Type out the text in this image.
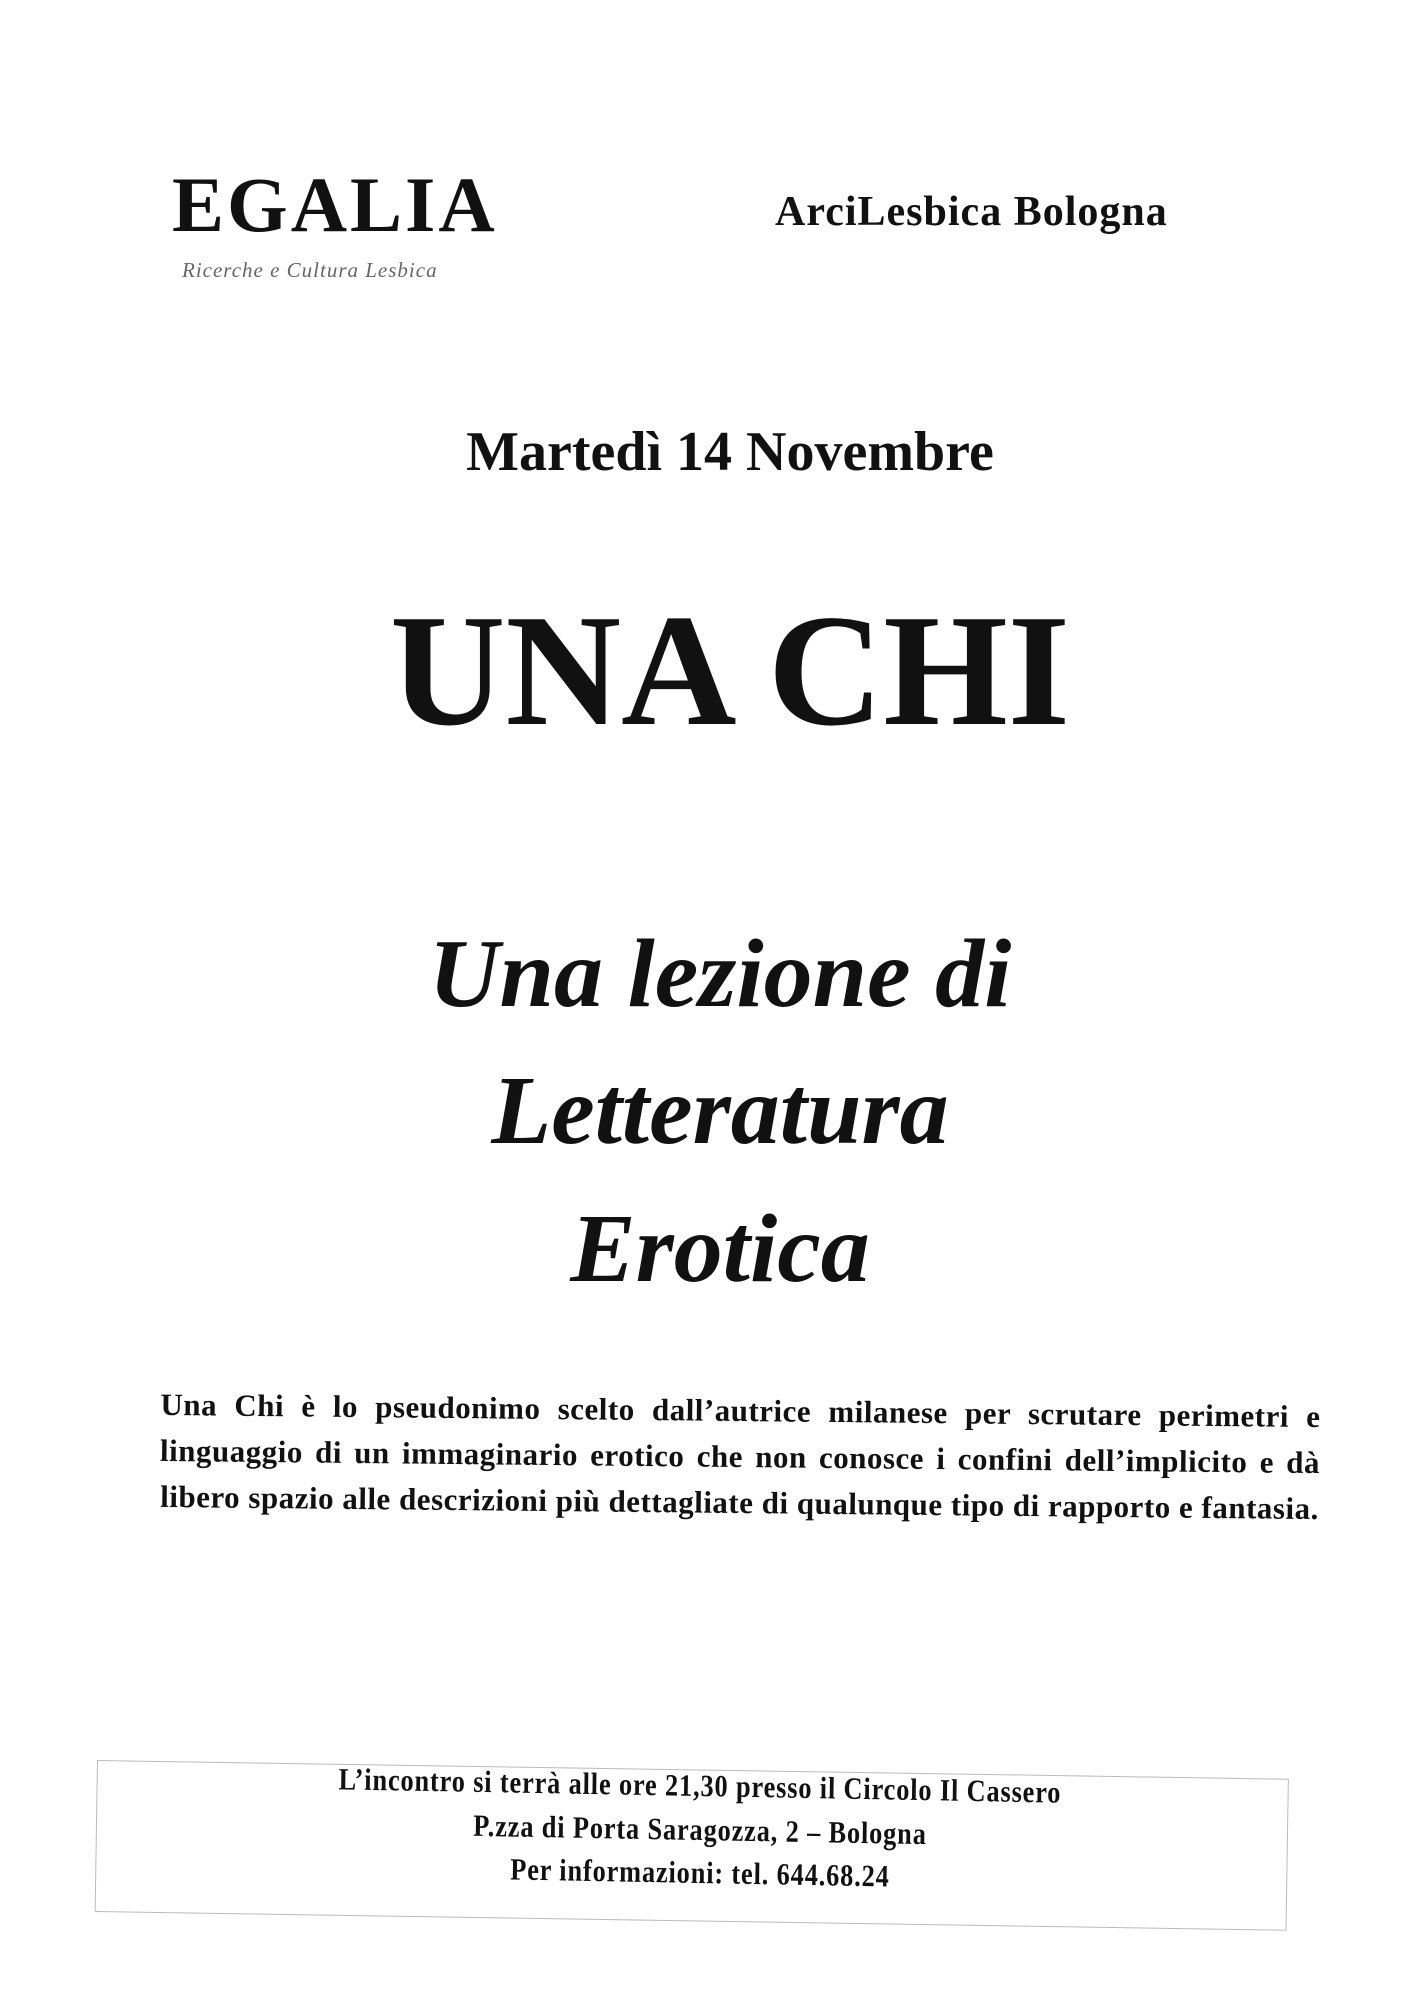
EGALIA
Ricerche e Cultura Lesbica
ArciLesbica Bologna
Martedì 14 Novembre
UNA CHI
Una lezione di
Letteratura
Erotica
Una Chi è lo pseudonimo scelto dall’autrice milanese per scrutare perimetri e linguaggio di un immaginario erotico che non conosce i confini dell’implicito e dà libero spazio alle descrizioni più dettagliate di qualunque tipo di rapporto e fantasia.
L’incontro si terrà alle ore 21,30 presso il Circolo Il Cassero
P.zza di Porta Saragozza, 2 – Bologna
Per informazioni: tel. 644.68.24
